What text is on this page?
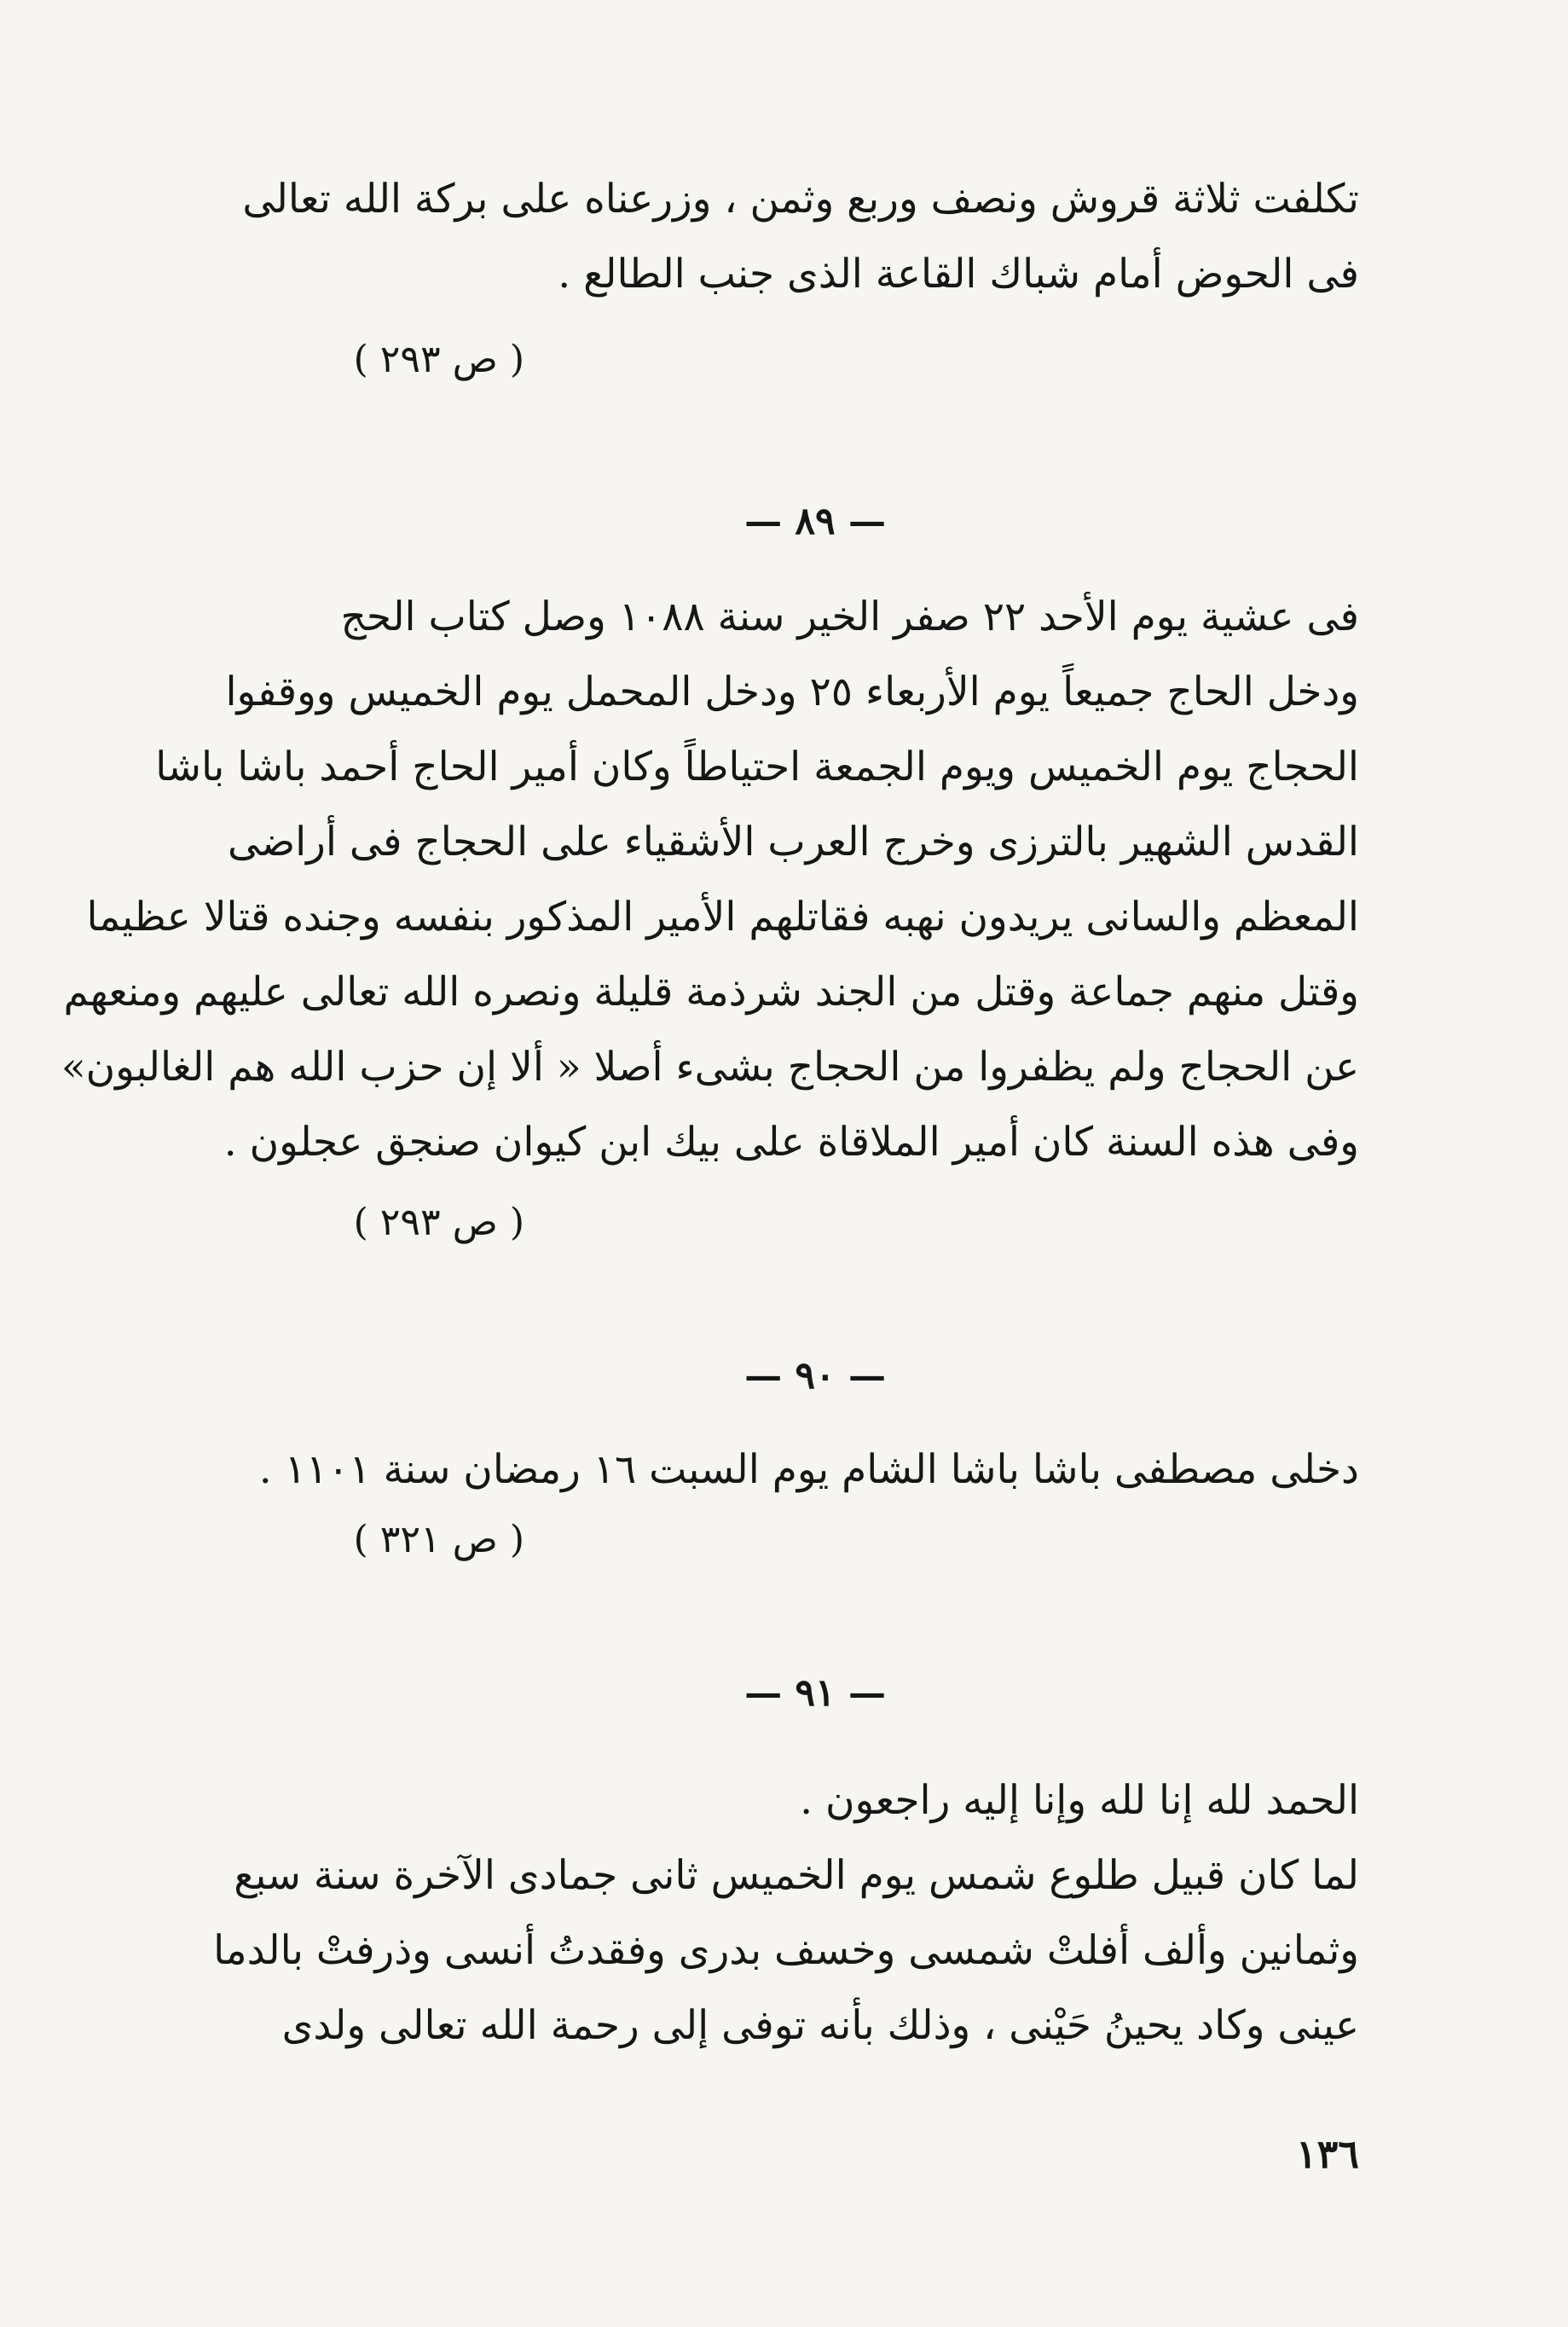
تكلفت ثلاثة قروش ونصف وربع وثمن ، وزرعناه على بركة الله تعالى
فى الحوض أمام شباك القاعة الذى جنب الطالع .
( ص ٢٩٣ )
— ٨٩ —
فى عشية يوم الأحد ٢٢ صفر الخير سنة ١٠٨٨ وصل كتاب الحج
ودخل الحاج جميعاً يوم الأربعاء ٢٥ ودخل المحمل يوم الخميس ووقفوا
الحجاج يوم الخميس ويوم الجمعة احتياطاً وكان أمير الحاج أحمد باشا باشا
القدس الشهير بالترزى وخرج العرب الأشقياء على الحجاج فى أراضى
المعظم والسانى يريدون نهبه فقاتلهم الأمير المذكور بنفسه وجنده قتالا عظيما
وقتل منهم جماعة وقتل من الجند شرذمة قليلة ونصره الله تعالى عليهم ومنعهم
عن الحجاج ولم يظفروا من الحجاج بشىء أصلا « ألا إن حزب الله هم الغالبون»
وفى هذه السنة كان أمير الملاقاة على بيك ابن كيوان صنجق عجلون .
( ص ٢٩٣ )
— ٩٠ —
دخلى مصطفى باشا باشا الشام يوم السبت ١٦ رمضان سنة ١١٠١ .
( ص ٣٢١ )
— ٩١ —
الحمد لله إنا لله وإنا إليه راجعون .
لما كان قبيل طلوع شمس يوم الخميس ثانى جمادى الآخرة سنة سبع
وثمانين وألف أفلتْ شمسى وخسف بدرى وفقدتُ أنسى وذرفتْ بالدما
عينى وكاد يحينُ حَيْنى ، وذلك بأنه توفى إلى رحمة الله تعالى ولدى
١٣٦
